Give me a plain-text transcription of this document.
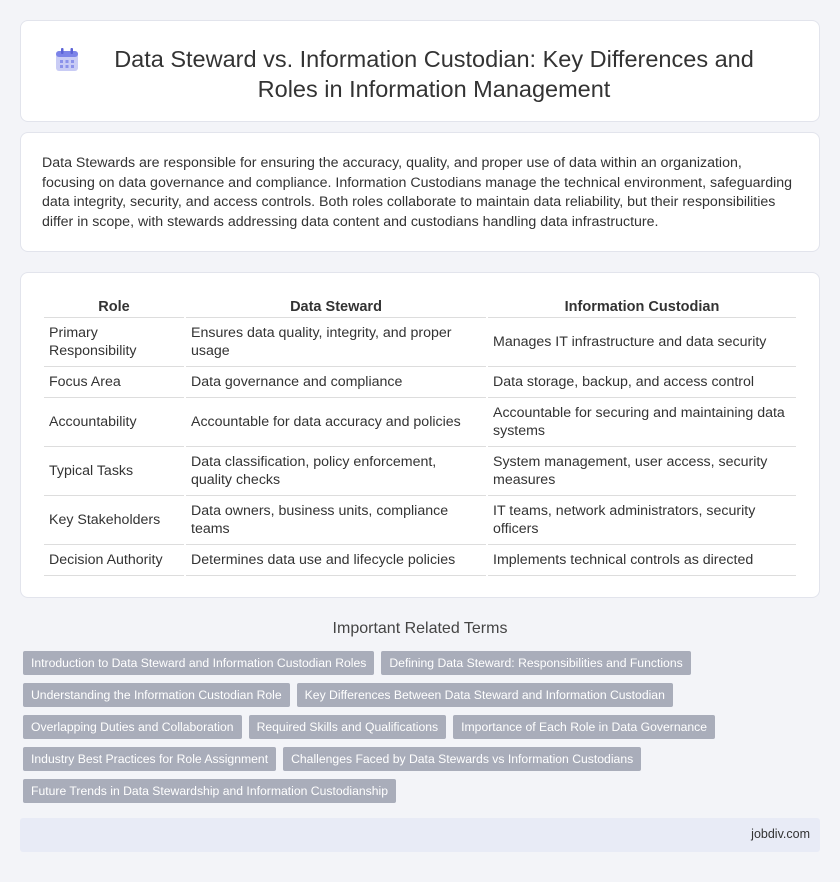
Data Steward vs. Information Custodian: Key Differences and Roles in Information Management

Data Stewards are responsible for ensuring the accuracy, quality, and proper use of data within an organization, focusing on data governance and compliance. Information Custodians manage the technical environment, safeguarding data integrity, security, and access controls. Both roles collaborate to maintain data reliability, but their responsibilities differ in scope, with stewards addressing data content and custodians handling data infrastructure.

Role	Data Steward	Information Custodian
Primary Responsibility	Ensures data quality, integrity, and proper usage	Manages IT infrastructure and data security
Focus Area	Data governance and compliance	Data storage, backup, and access control
Accountability	Accountable for data accuracy and policies	Accountable for securing and maintaining data systems
Typical Tasks	Data classification, policy enforcement, quality checks	System management, user access, security measures
Key Stakeholders	Data owners, business units, compliance teams	IT teams, network administrators, security officers
Decision Authority	Determines data use and lifecycle policies	Implements technical controls as directed
Important Related Terms
Introduction to Data Steward and Information Custodian Roles	Defining Data Steward: Responsibilities and Functions
Understanding the Information Custodian Role	Key Differences Between Data Steward and Information Custodian
Overlapping Duties and Collaboration	Required Skills and Qualifications	Importance of Each Role in Data Governance
Industry Best Practices for Role Assignment	Challenges Faced by Data Stewards vs Information Custodians
Future Trends in Data Stewardship and Information Custodianship
jobdiv.com
